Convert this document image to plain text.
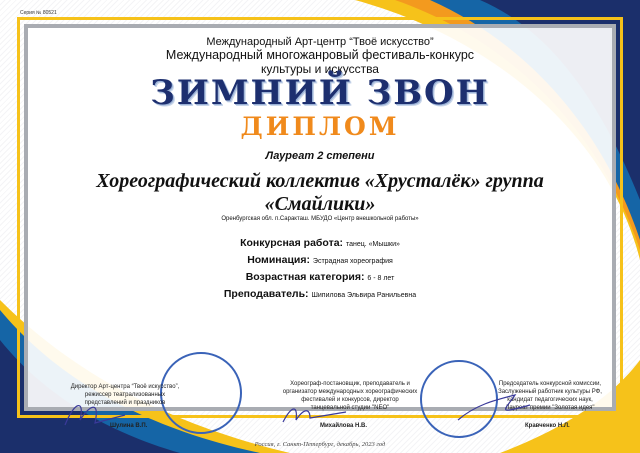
Серия № 80521
Международный Арт-центр “Твоё искусство”
Международный многожанровый фестиваль-конкурс
культуры и искусства
ЗИМНИЙ ЗВОН
ДИПЛОМ
Лауреат 2 степени
Хореографический коллектив «Хрусталёк» группа
«Смайлики»
Оренбургская обл. п.Саракташ. МБУДО «Центр внешкольной работы»
Конкурсная работа: танец. «Мышки»
Номинация: Эстрадная хореография
Возрастная категория: 6 - 8 лет
Преподаватель: Шипилова Эльвира Ранильевна
Директор Арт-центра “Твоё искусство”,
режиссер театрализованных
представлений и праздников
Шулина В.П.
Хореограф-постановщик, преподаватель и
организатор международных хореографических
фестивалей и конкурсов, директор
танцевальной студии "NEO"
Михайлова Н.В.
Председатель конкурсной комиссии,
Заслуженный работник культуры РФ,
кандидат педагогических наук,
Лауреат премии "Золотая идея"
Кравченко Н.Л.
Россия, г. Санкт-Петербург, декабрь, 2023 год
